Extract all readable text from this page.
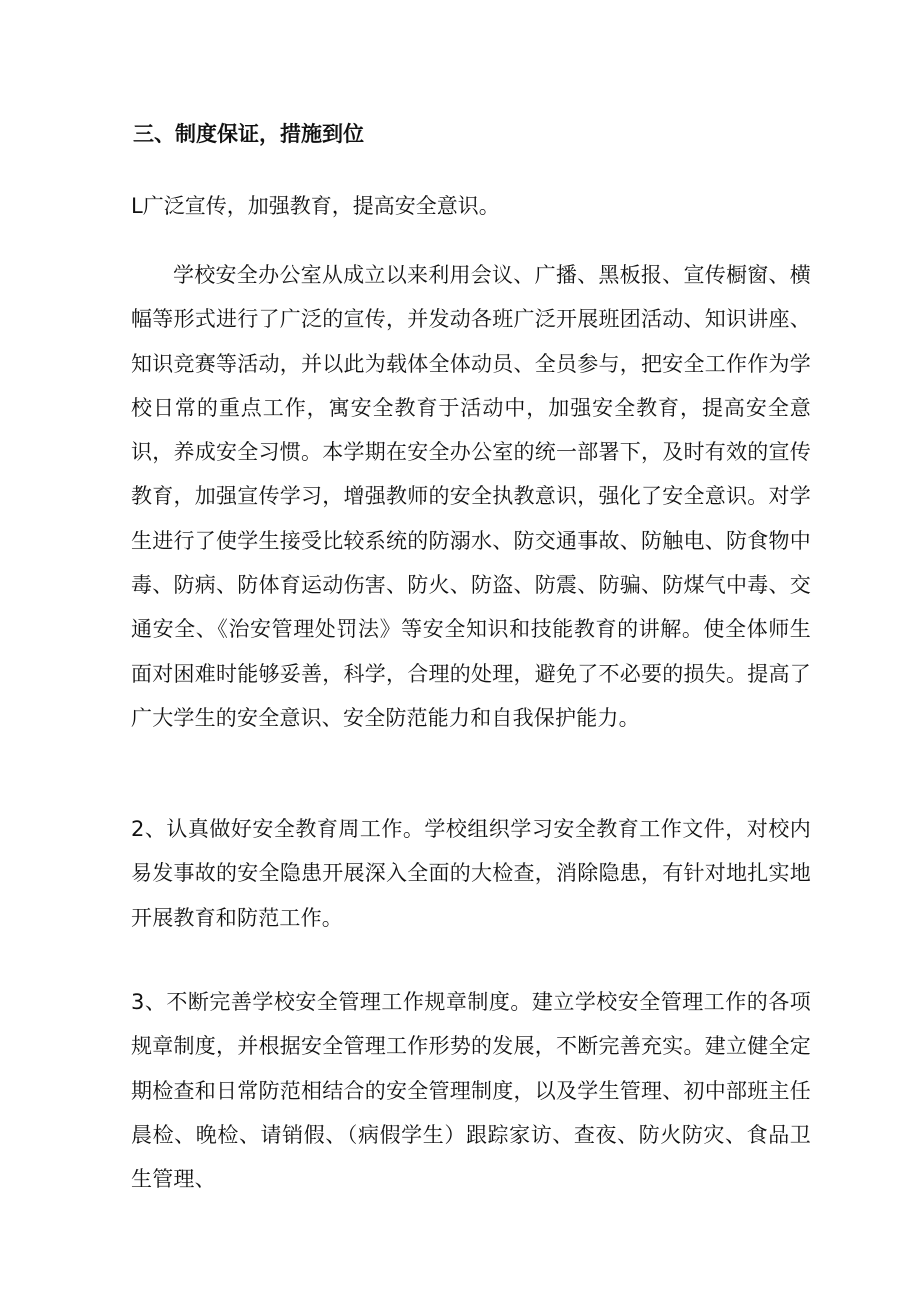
三、制度保证，措施到位
L广泛宣传，加强教育，提高安全意识。
学校安全办公室从成立以来利用会议、广播、黑板报、宣传橱窗、横幅等形式进行了广泛的宣传，并发动各班广泛开展班团活动、知识讲座、知识竞赛等活动，并以此为载体全体动员、全员参与，把安全工作作为学校日常的重点工作，寓安全教育于活动中，加强安全教育，提高安全意识，养成安全习惯。本学期在安全办公室的统一部署下，及时有效的宣传教育，加强宣传学习，增强教师的安全执教意识，强化了安全意识。对学生进行了使学生接受比较系统的防溺水、防交通事故、防触电、防食物中毒、防病、防体育运动伤害、防火、防盗、防震、防骗、防煤气中毒、交通安全、《治安管理处罚法》等安全知识和技能教育的讲解。使全体师生面对困难时能够妥善，科学，合理的处理，避免了不必要的损失。提高了广大学生的安全意识、安全防范能力和自我保护能力。
2、认真做好安全教育周工作。学校组织学习安全教育工作文件，对校内易发事故的安全隐患开展深入全面的大检查，消除隐患，有针对地扎实地开展教育和防范工作。
3、不断完善学校安全管理工作规章制度。建立学校安全管理工作的各项规章制度，并根据安全管理工作形势的发展，不断完善充实。建立健全定期检查和日常防范相结合的安全管理制度，以及学生管理、初中部班主任晨检、晚检、请销假、（病假学生）跟踪家访、查夜、防火防灾、食品卫生管理、
